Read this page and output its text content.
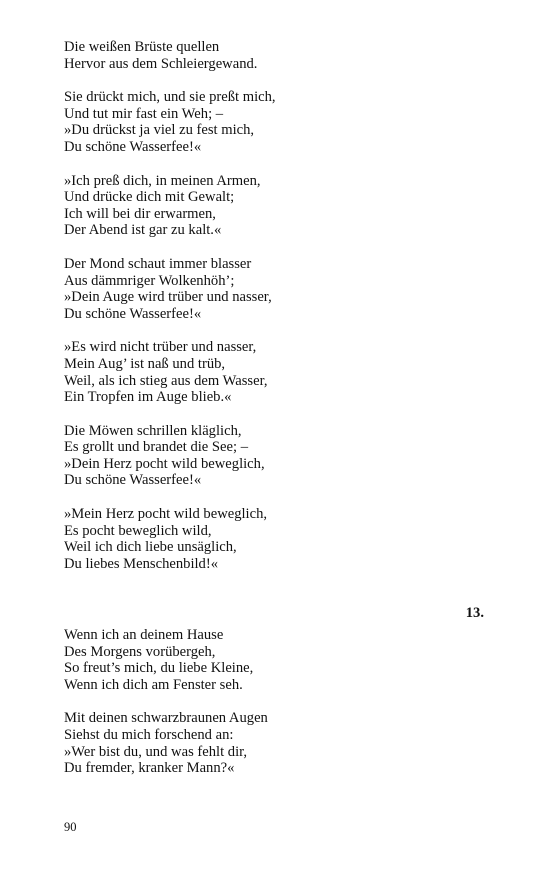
Die weißen Brüste quellen
Hervor aus dem Schleiergewand.
Sie drückt mich, und sie preßt mich,
Und tut mir fast ein Weh; –
»Du drückst ja viel zu fest mich,
Du schöne Wasserfee!«
»Ich preß dich, in meinen Armen,
Und drücke dich mit Gewalt;
Ich will bei dir erwarmen,
Der Abend ist gar zu kalt.«
Der Mond schaut immer blasser
Aus dämmriger Wolkenhöh’;
»Dein Auge wird trüber und nasser,
Du schöne Wasserfee!«
»Es wird nicht trüber und nasser,
Mein Aug’ ist naß und trüb,
Weil, als ich stieg aus dem Wasser,
Ein Tropfen im Auge blieb.«
Die Möwen schrillen kläglich,
Es grollt und brandet die See; –
»Dein Herz pocht wild beweglich,
Du schöne Wasserfee!«
»Mein Herz pocht wild beweglich,
Es pocht beweglich wild,
Weil ich dich liebe unsäglich,
Du liebes Menschenbild!«
13.
Wenn ich an deinem Hause
Des Morgens vorübergeh,
So freut’s mich, du liebe Kleine,
Wenn ich dich am Fenster seh.
Mit deinen schwarzbraunen Augen
Siehst du mich forschend an:
»Wer bist du, und was fehlt dir,
Du fremder, kranker Mann?«
90
